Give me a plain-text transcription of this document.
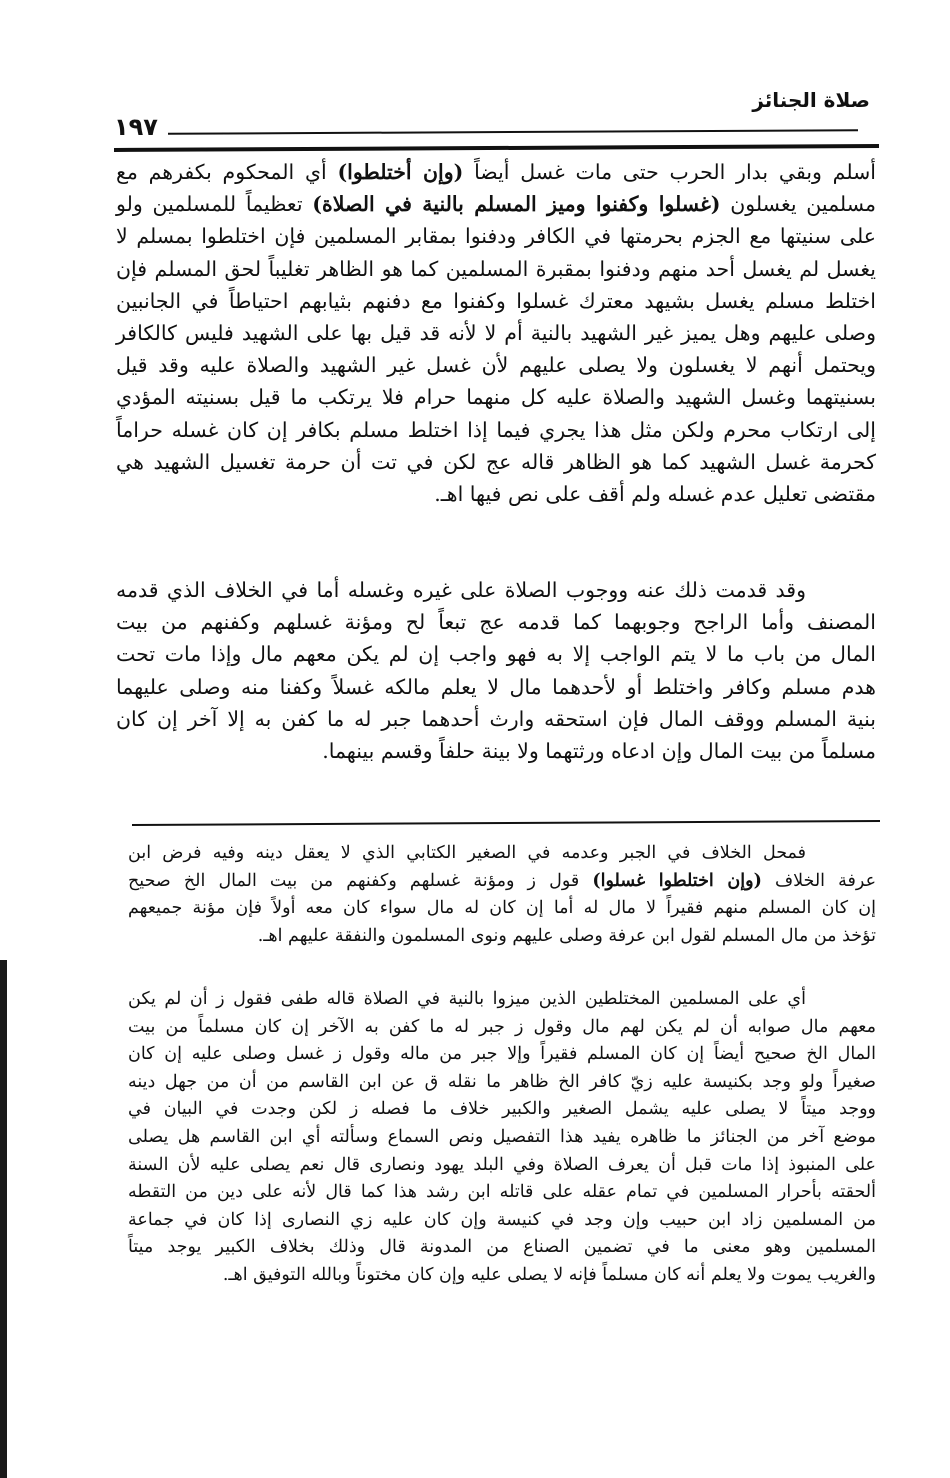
صلاة الجنائز
١٩٧
أسلم وبقي بدار الحرب حتى مات غسل أيضاً (وإن أختلطوا) أي المحكوم بكفرهم مع
مسلمين يغسلون (غسلوا وكفنوا وميز المسلم بالنية في الصلاة) تعظيماً للمسلمين ولو
على سنيتها مع الجزم بحرمتها في الكافر ودفنوا بمقابر المسلمين فإن اختلطوا بمسلم لا
يغسل لم يغسل أحد منهم ودفنوا بمقبرة المسلمين كما هو الظاهر تغليباً لحق المسلم فإن
اختلط مسلم يغسل بشيهد معترك غسلوا وكفنوا مع دفنهم بثيابهم احتياطاً في الجانبين
وصلى عليهم وهل يميز غير الشهيد بالنية أم لا لأنه قد قيل بها على الشهيد فليس كالكافر
ويحتمل أنهم لا يغسلون ولا يصلى عليهم لأن غسل غير الشهيد والصلاة عليه وقد قيل
بسنيتهما وغسل الشهيد والصلاة عليه كل منهما حرام فلا يرتكب ما قيل بسنيته المؤدي
إلى ارتكاب محرم ولكن مثل هذا يجري فيما إذا اختلط مسلم بكافر إن كان غسله حراماً
كحرمة غسل الشهيد كما هو الظاهر قاله عج لكن في تت أن حرمة تغسيل الشهيد هي
مقتضى تعليل عدم غسله ولم أقف على نص فيها اهـ.
وقد قدمت ذلك عنه ووجوب الصلاة على غيره وغسله أما في الخلاف الذي قدمه
المصنف وأما الراجح وجوبهما كما قدمه عج تبعاً لح ومؤنة غسلهم وكفنهم من بيت
المال من باب ما لا يتم الواجب إلا به فهو واجب إن لم يكن معهم مال وإذا مات تحت
هدم مسلم وكافر واختلط أو لأحدهما مال لا يعلم مالكه غسلاً وكفنا منه وصلى عليهما
بنية المسلم ووقف المال فإن استحقه وارث أحدهما جبر له ما كفن به إلا آخر إن كان
مسلماً من بيت المال وإن ادعاه ورثتهما ولا بينة حلفاً وقسم بينهما.
فمحل الخلاف في الجبر وعدمه في الصغير الكتابي الذي لا يعقل دينه وفيه فرض ابن
عرفة الخلاف (وإن اختلطوا غسلوا) قول ز ومؤنة غسلهم وكفنهم من بيت المال الخ صحيح
إن كان المسلم منهم فقيراً لا مال له أما إن كان له مال سواء كان معه أولاً فإن مؤنة جميعهم
تؤخذ من مال المسلم لقول ابن عرفة وصلى عليهم ونوى المسلمون والنفقة عليهم اهـ.
أي على المسلمين المختلطين الذين ميزوا بالنية في الصلاة قاله طفى فقول ز أن لم يكن
معهم مال صوابه أن لم يكن لهم مال وقول ز جبر له ما كفن به الآخر إن كان مسلماً من بيت
المال الخ صحيح أيضاً إن كان المسلم فقيراً وإلا جبر من ماله وقول ز غسل وصلى عليه إن كان
صغيراً ولو وجد بكنيسة عليه زيّ كافر الخ ظاهر ما نقله ق عن ابن القاسم من أن من جهل دينه
ووجد ميتاً لا يصلى عليه يشمل الصغير والكبير خلاف ما فصله ز لكن وجدت في البيان في
موضع آخر من الجنائز ما ظاهره يفيد هذا التفصيل ونص السماع وسألته أي ابن القاسم هل يصلى
على المنبوذ إذا مات قبل أن يعرف الصلاة وفي البلد يهود ونصارى قال نعم يصلى عليه لأن السنة
ألحقته بأحرار المسلمين في تمام عقله على قاتله ابن رشد هذا كما قال لأنه على دين من التقطه
من المسلمين زاد ابن حبيب وإن وجد في كنيسة وإن كان عليه زي النصارى إذا كان في جماعة
المسلمين وهو معنى ما في تضمين الصناع من المدونة قال وذلك بخلاف الكبير يوجد ميتاً
والغريب يموت ولا يعلم أنه كان مسلماً فإنه لا يصلى عليه وإن كان مختوناً وبالله التوفيق اهـ.
